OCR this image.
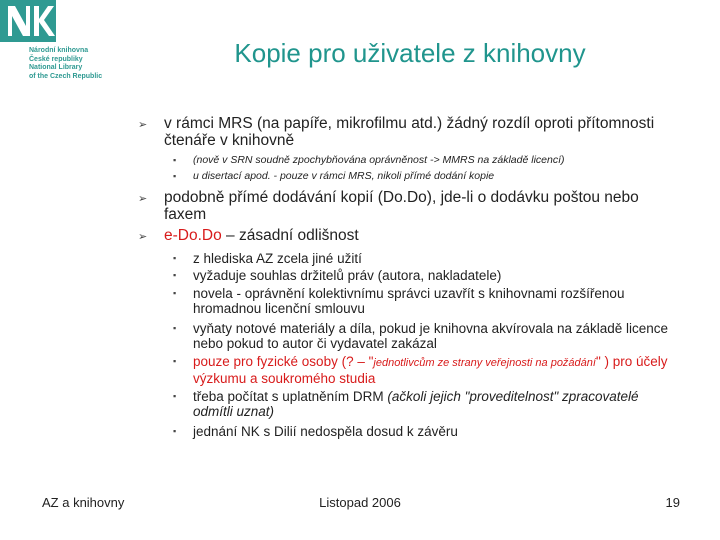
Národní knihovna
České republiky
National Library
of the Czech Republic
Kopie pro uživatele z knihovny
➢ v rámci MRS (na papíře, mikrofilmu atd.) žádný rozdíl oproti přítomnosti čtenáře v knihovně
▪ (nově v SRN soudně zpochybňována oprávněnost -> MMRS na základě licencí)
▪ u disertací apod. - pouze v rámci MRS, nikoli přímé dodání kopie
➢ podobně přímé dodávání kopií (Do.Do), jde-li o dodávku poštou nebo faxem
➢ e-Do.Do – zásadní odlišnost
▪ z hlediska AZ zcela jiné užití
▪ vyžaduje souhlas držitelů práv (autora, nakladatele)
▪ novela - oprávnění kolektivnímu správci uzavřít s knihovnami rozšířenou hromadnou licenční smlouvu
▪ vyňaty notové materiály a díla, pokud je knihovna akvírovala na základě licence nebo pokud to autor či vydavatel zakázal
▪ pouze pro fyzické osoby (? – "jednotlivcům ze strany veřejnosti na požádání" ) pro účely výzkumu a soukromého studia
▪ třeba počítat s uplatněním DRM (ačkoli jejich "proveditelnost" zpracovatelé odmítli uznat)
▪ jednání NK s Dilií nedospěla dosud k závěru
AZ a knihovny	Listopad 2006	19
